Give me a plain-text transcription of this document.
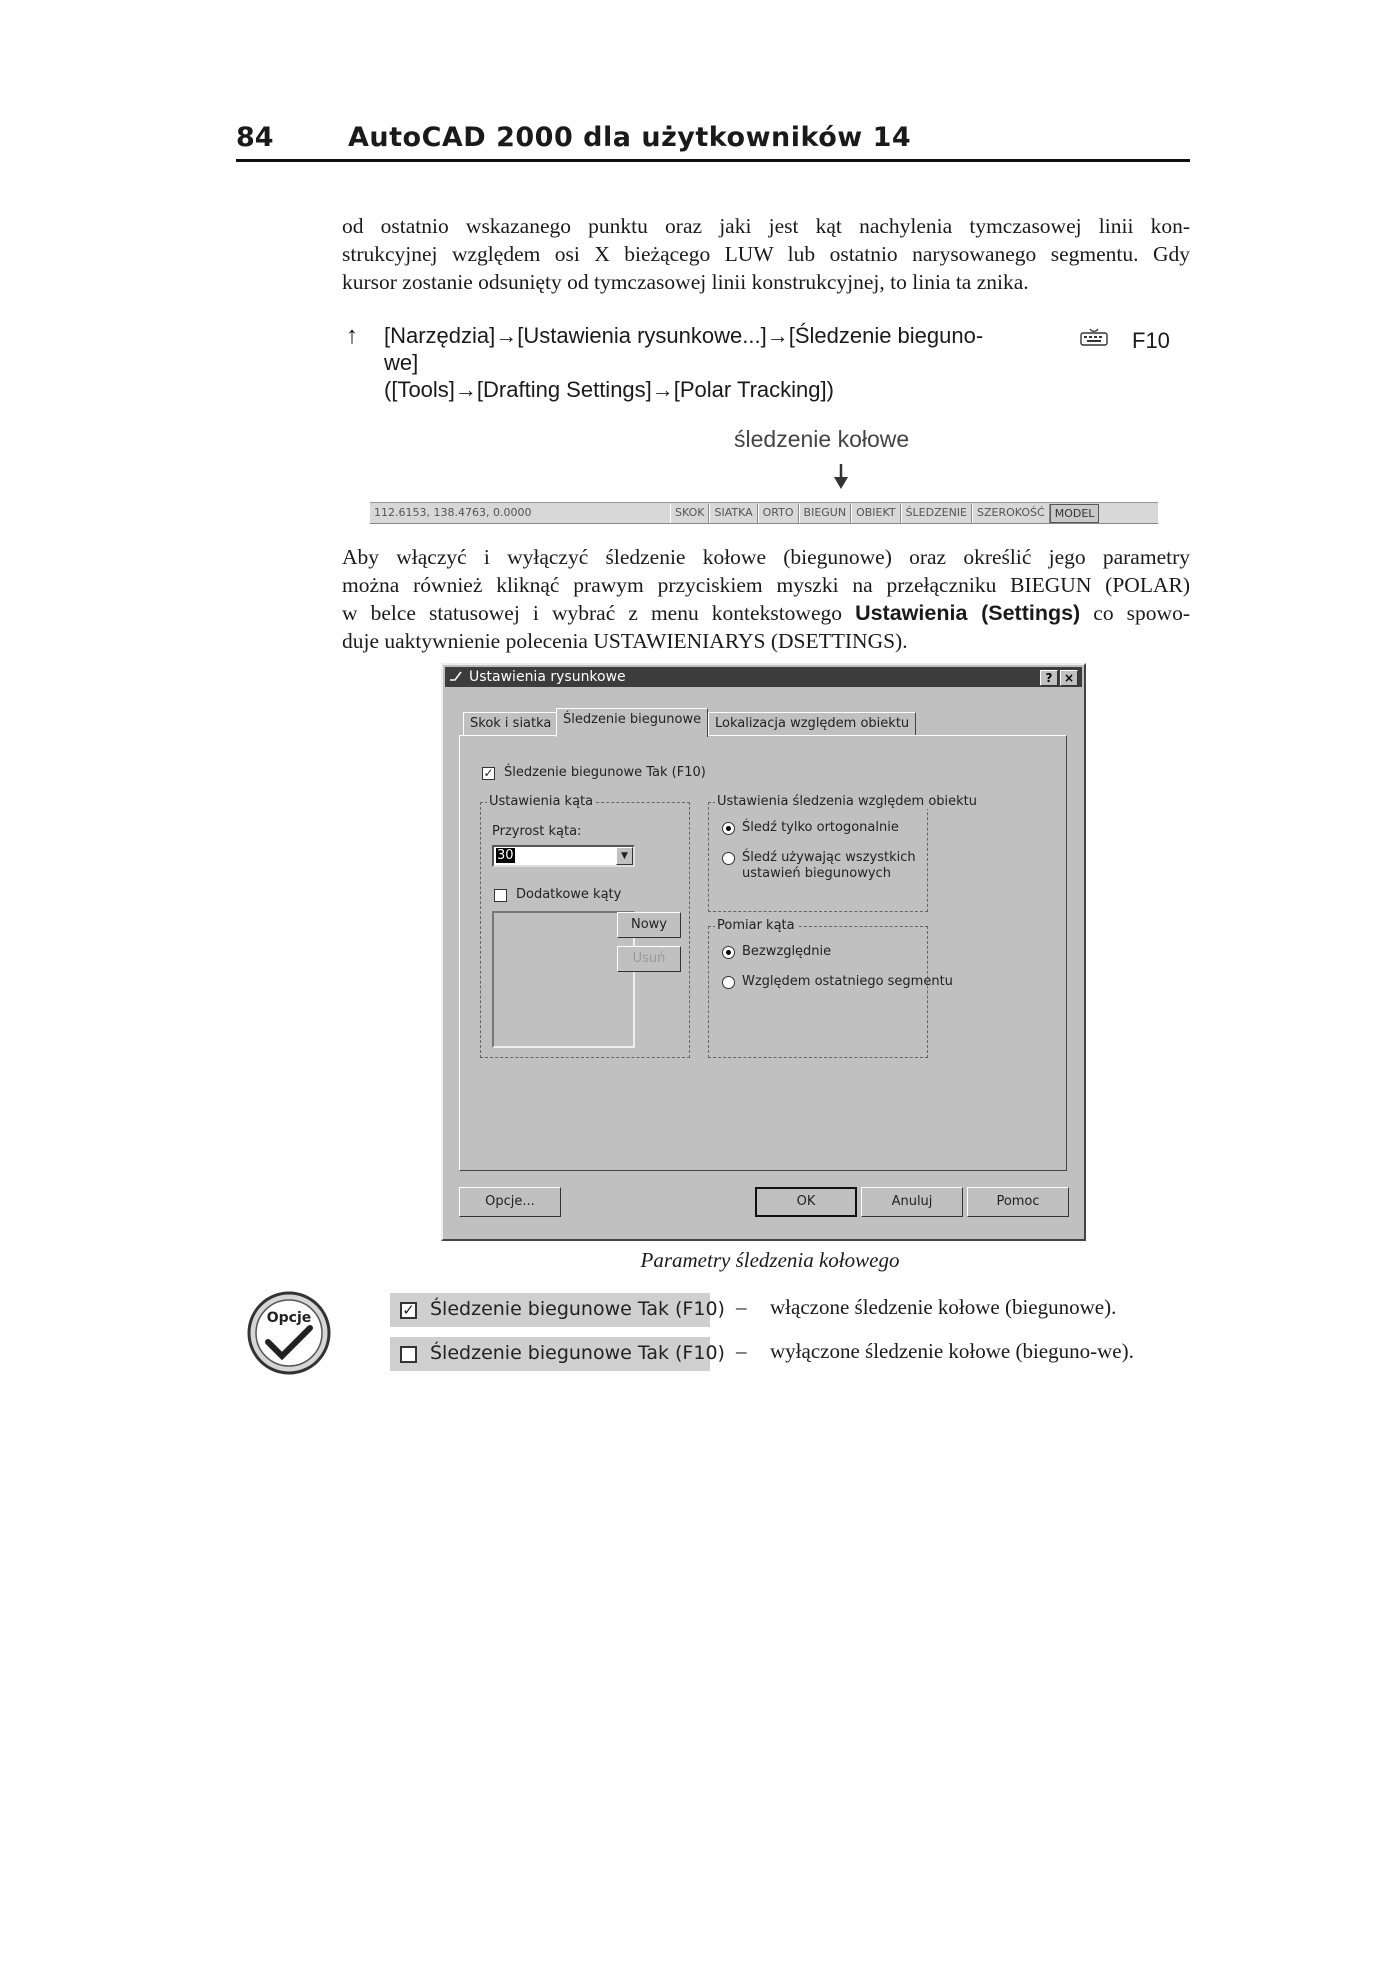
84	AutoCAD 2000 dla użytkowników 14
od ostatnio wskazanego punktu oraz jaki jest kąt nachylenia tymczasowej linii kon-
strukcyjnej względem osi X bieżącego LUW lub ostatnio narysowanego segmentu. Gdy
kursor zostanie odsunięty od tymczasowej linii konstrukcyjnej, to linia ta znika.
↑ [Narzędzia]→[Ustawienia rysunkowe...]→[Śledzenie biegunо-
we]
([Tools]→[Drafting Settings]→[Polar Tracking])
F10
śledzenie kołowe
112.6153, 138.4763, 0.0000	SKOK SIATKA ORTO BIEGUN OBIEKT ŚLEDZENIE SZEROKOŚĆ MODEL
Aby włączyć i wyłączyć śledzenie kołowe (biegunowe) oraz określić jego parametry
można również kliknąć prawym przyciskiem myszki na przełączniku BIEGUN (POLAR)
w belce statusowej i wybrać z menu kontekstowego Ustawienia (Settings) co spowo-
duje uaktywnienie polecenia USTAWIENIARYS (DSETTINGS).
Ustawienia rysunkowe	? ×
Skok i siatka Śledzenie biegunowe	Lokalizacja względem obiektu
✓ Śledzenie biegunowe Tak (F10)
Ustawienia kąta
Przyrost kąta:
30	▼
Dodatkowe kąty
Nowy
Usuń
Ustawienia śledzenia względem obiektu
Śledź tylko ortogonalnie
Śledź używając wszystkich
ustawień biegunowych
Pomiar kąta
Bezwzględnie
Względem ostatniego segmentu
Opcje...	OK	Anuluj	Pomoc
Parametry śledzenia kołowego
Opcje	✓ Śledzenie biegunowe Tak (F10) – włączone śledzenie kołowe (biegunowe).
Śledzenie biegunowe Tak (F10) – wyłączone śledzenie kołowe (bieguno-we).
